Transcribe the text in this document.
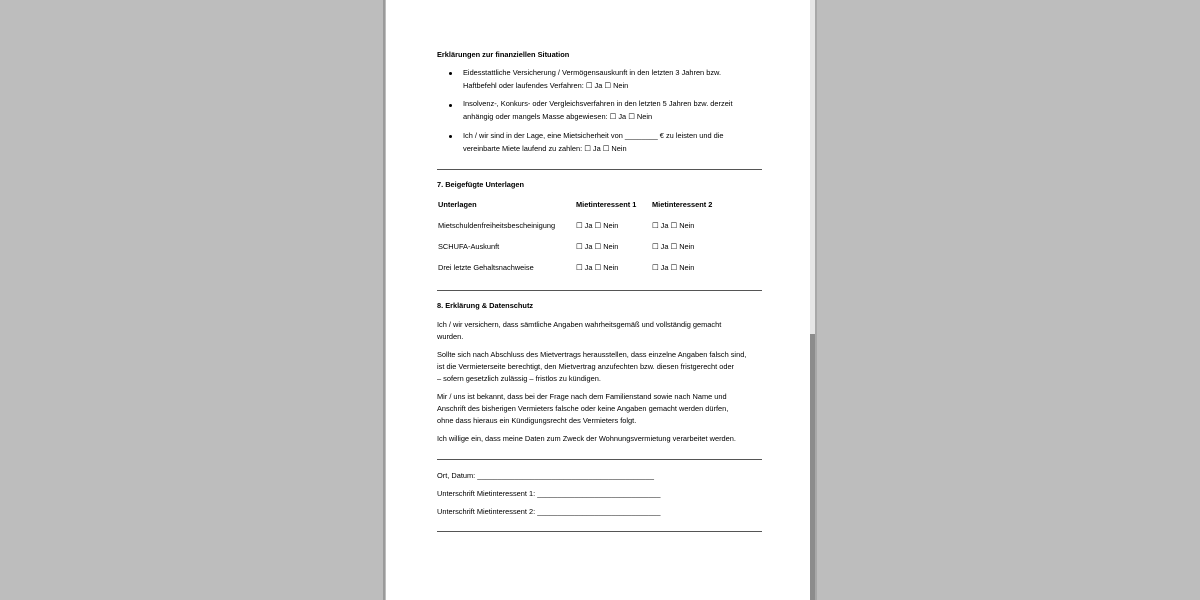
Erklärungen zur finanziellen Situation
Eidesstattliche Versicherung / Vermögensauskunft in den letzten 3 Jahren bzw.
Haftbefehl oder laufendes Verfahren: ☐ Ja ☐ Nein
Insolvenz-, Konkurs- oder Vergleichsverfahren in den letzten 5 Jahren bzw. derzeit
anhängig oder mangels Masse abgewiesen: ☐ Ja ☐ Nein
Ich / wir sind in der Lage, eine Mietsicherheit von ________ € zu leisten und die
vereinbarte Miete laufend zu zahlen: ☐ Ja ☐ Nein
7. Beigefügte Unterlagen
Unterlagen	Mietinteressent 1 Mietinteressent 2
Mietschuldenfreiheitsbescheinigung	☐ Ja ☐ Nein	☐ Ja ☐ Nein
SCHUFA-Auskunft	☐ Ja ☐ Nein	☐ Ja ☐ Nein
Drei letzte Gehaltsnachweise	☐ Ja ☐ Nein	☐ Ja ☐ Nein
8. Erklärung & Datenschutz
Ich / wir versichern, dass sämtliche Angaben wahrheitsgemäß und vollständig gemacht
wurden.
Sollte sich nach Abschluss des Mietvertrags herausstellen, dass einzelne Angaben falsch sind,
ist die Vermieterseite berechtigt, den Mietvertrag anzufechten bzw. diesen fristgerecht oder
– sofern gesetzlich zulässig – fristlos zu kündigen.
Mir / uns ist bekannt, dass bei der Frage nach dem Familienstand sowie nach Name und
Anschrift des bisherigen Vermieters falsche oder keine Angaben gemacht werden dürfen,
ohne dass hieraus ein Kündigungsrecht des Vermieters folgt.
Ich willige ein, dass meine Daten zum Zweck der Wohnungsvermietung verarbeitet werden.
Ort, Datum: ___________________________________________
Unterschrift Mietinteressent 1: ______________________________
Unterschrift Mietinteressent 2: ______________________________
